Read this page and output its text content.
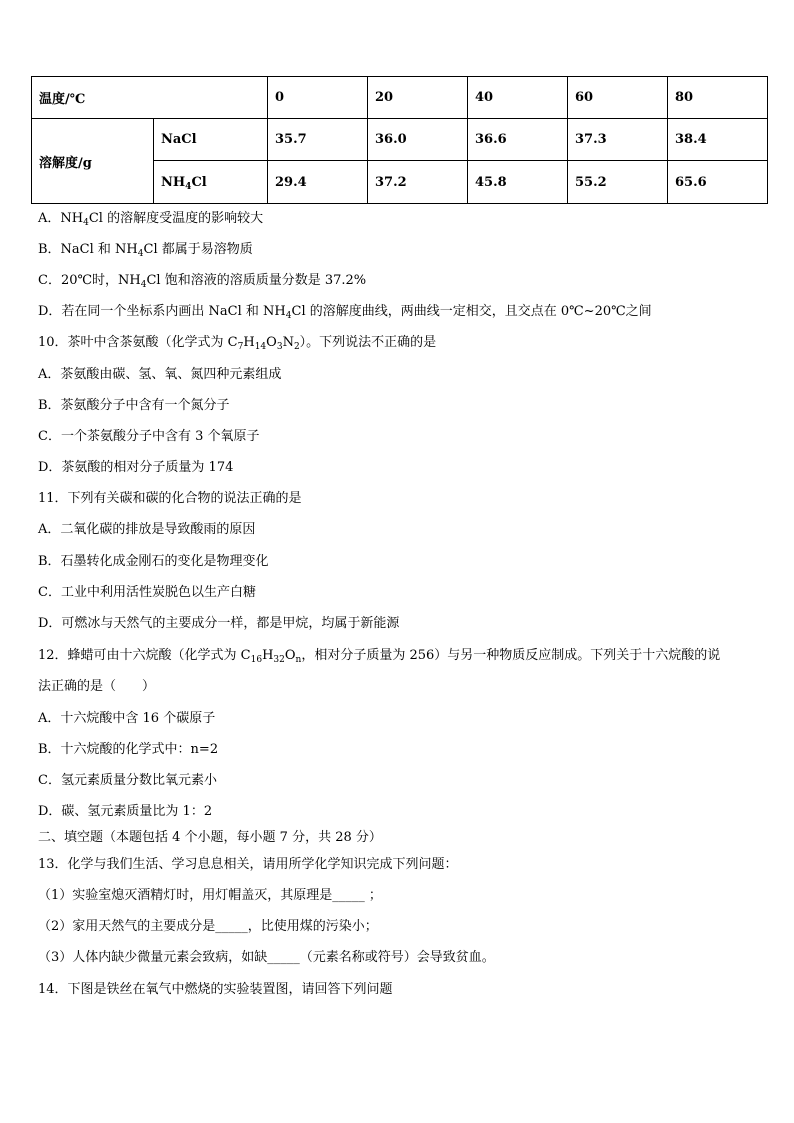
温度/℃		0	20	40	60	80
溶解度/g	NaCl	35.7	36.0	36.6	37.3	38.4
	$NH_4Cl$	29.4	37.2	45.8	55.2	65.6
A．$NH_4Cl$ 的溶解度受温度的影响较大
B．NaCl 和 $NH_4Cl$ 都属于易溶物质
C．20℃时，$NH_4Cl$ 饱和溶液的溶质质量分数是 37.2%
D．若在同一个坐标系内画出 NaCl 和 $NH_4Cl$ 的溶解度曲线，两曲线一定相交，且交点在 0℃~20℃之间
10．茶叶中含茶氨酸（化学式为 $C_7H_{14}O_3N_2$）。下列说法不正确的是
A．茶氨酸由碳、氢、氧、氮四种元素组成
B．茶氨酸分子中含有一个氮分子
C．一个茶氨酸分子中含有 3 个氧原子
D．茶氨酸的相对分子质量为 174
11．下列有关碳和碳的化合物的说法正确的是
A．二氧化碳的排放是导致酸雨的原因
B．石墨转化成金刚石的变化是物理变化
C．工业中利用活性炭脱色以生产白糖
D．可燃冰与天然气的主要成分一样，都是甲烷，均属于新能源
12．蜂蜡可由十六烷酸（化学式为 $C_{16}H_{32}O_n$，相对分子质量为 256）与另一种物质反应制成。下列关于十六烷酸的说
法正确的是（　　）
A．十六烷酸中含 16 个碳原子
B．十六烷酸的化学式中：n=2
C．氢元素质量分数比氧元素小
D．碳、氢元素质量比为 1：2
二、填空题（本题包括 4 个小题，每小题 7 分，共 28 分）
13．化学与我们生活、学习息息相关，请用所学化学知识完成下列问题：
（1）实验室熄灭酒精灯时，用灯帽盖灭，其原理是_____ ；
（2）家用天然气的主要成分是_____，比使用煤的污染小；
（3）人体内缺少微量元素会致病，如缺_____（元素名称或符号）会导致贫血。
14．下图是铁丝在氧气中燃烧的实验装置图，请回答下列问题
